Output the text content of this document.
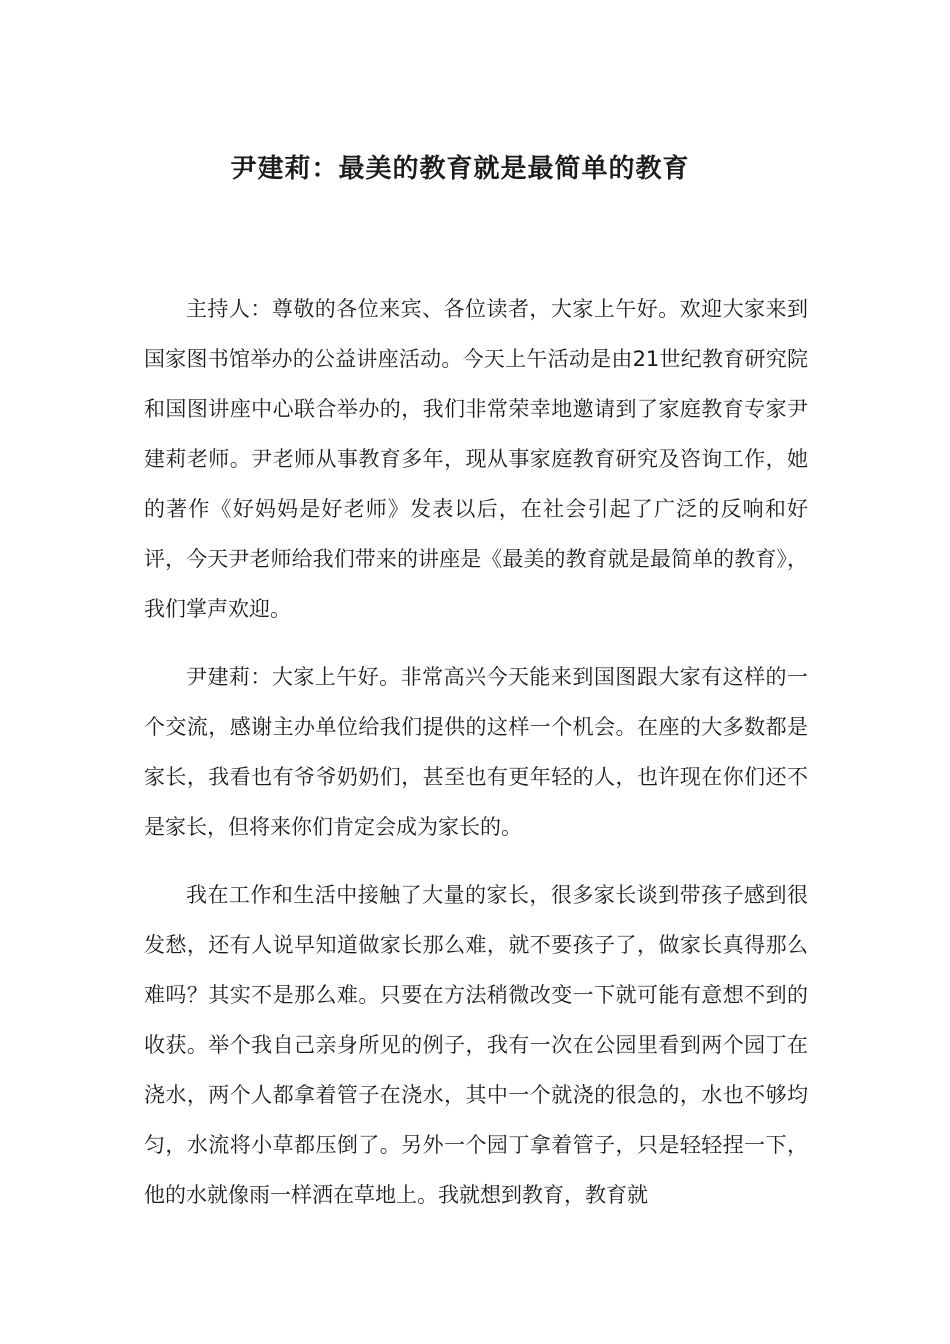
尹建莉：最美的教育就是最简单的教育

主持人：尊敬的各位来宾、各位读者，大家上午好。欢迎大家来到国家图书馆举办的公益讲座活动。今天上午活动是由21世纪教育研究院和国图讲座中心联合举办的，我们非常荣幸地邀请到了家庭教育专家尹建莉老师。尹老师从事教育多年，现从事家庭教育研究及咨询工作，她的著作《好妈妈是好老师》发表以后，在社会引起了广泛的反响和好评，今天尹老师给我们带来的讲座是《最美的教育就是最简单的教育》，我们掌声欢迎。

尹建莉：大家上午好。非常高兴今天能来到国图跟大家有这样的一个交流，感谢主办单位给我们提供的这样一个机会。在座的大多数都是家长，我看也有爷爷奶奶们，甚至也有更年轻的人，也许现在你们还不是家长，但将来你们肯定会成为家长的。

我在工作和生活中接触了大量的家长，很多家长谈到带孩子感到很发愁，还有人说早知道做家长那么难，就不要孩子了，做家长真得那么难吗？其实不是那么难。只要在方法稍微改变一下就可能有意想不到的收获。举个我自己亲身所见的例子，我有一次在公园里看到两个园丁在浇水，两个人都拿着管子在浇水，其中一个就浇的很急的，水也不够均匀，水流将小草都压倒了。另外一个园丁拿着管子，只是轻轻捏一下，他的水就像雨一样洒在草地上。我就想到教育，教育就
